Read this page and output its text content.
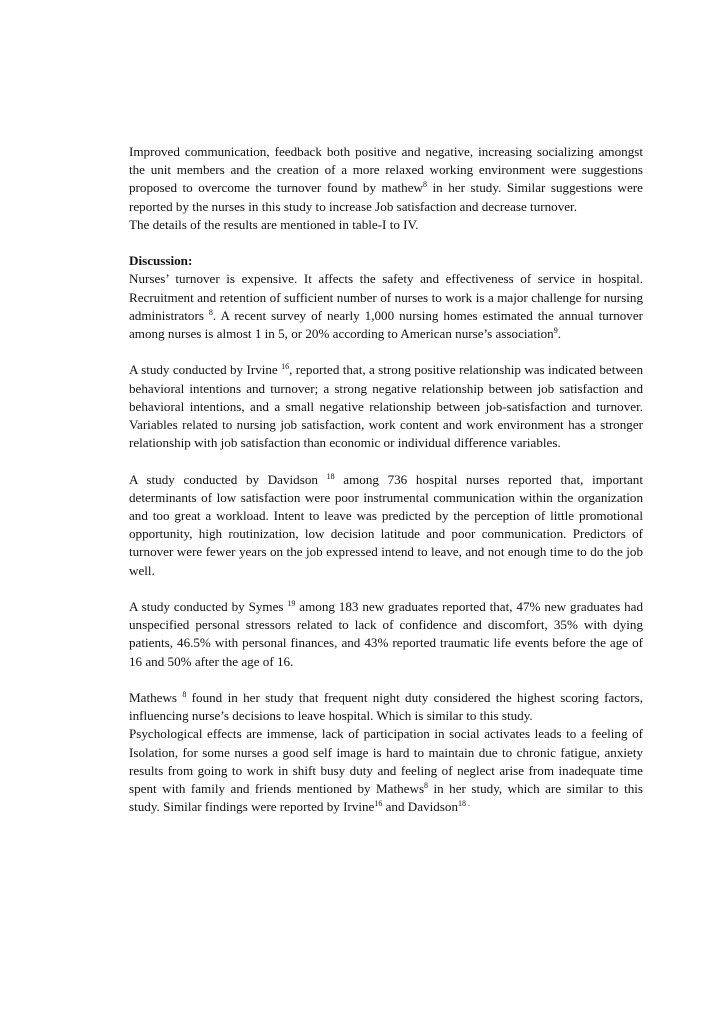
Improved communication, feedback both positive and negative, increasing socializing amongst the unit members and the creation of a more relaxed working environment were suggestions proposed to overcome the turnover found by mathew$^8$ in her study. Similar suggestions were reported by the nurses in this study to increase Job satisfaction and decrease turnover.

The details of the results are mentioned in table-I to IV.

Discussion:

Nurses’ turnover is expensive. It affects the safety and effectiveness of service in hospital. Recruitment and retention of sufficient number of nurses to work is a major challenge for nursing administrators $^8$. A recent survey of nearly 1,000 nursing homes estimated the annual turnover among nurses is almost 1 in 5, or 20% according to American nurse’s association$^9$.

A study conducted by Irvine $^{16}$, reported that, a strong positive relationship was indicated between behavioral intentions and turnover; a strong negative relationship between job satisfaction and behavioral intentions, and a small negative relationship between job-satisfaction and turnover. Variables related to nursing job satisfaction, work content and work environment has a stronger relationship with job satisfaction than economic or individual difference variables.

A study conducted by Davidson $^{18}$ among 736 hospital nurses reported that, important determinants of low satisfaction were poor instrumental communication within the organization and too great a workload. Intent to leave was predicted by the perception of little promotional opportunity, high routinization, low decision latitude and poor communication. Predictors of turnover were fewer years on the job expressed intend to leave, and not enough time to do the job well.

A study conducted by Symes $^{19}$ among 183 new graduates reported that, 47% new graduates had unspecified personal stressors related to lack of confidence and discomfort, 35% with dying patients, 46.5% with personal finances, and 43% reported traumatic life events before the age of 16 and 50% after the age of 16.

Mathews $^8$ found in her study that frequent night duty considered the highest scoring factors, influencing nurse’s decisions to leave hospital. Which is similar to this study.

Psychological effects are immense, lack of participation in social activates leads to a feeling of Isolation, for some nurses a good self image is hard to maintain due to chronic fatigue, anxiety results from going to work in shift busy duty and feeling of neglect arise from inadequate time spent with family and friends mentioned by Mathews$^8$ in her study, which are similar to this study. Similar findings were reported by Irvine$^{16}$ and Davidson$^{18 .}$
